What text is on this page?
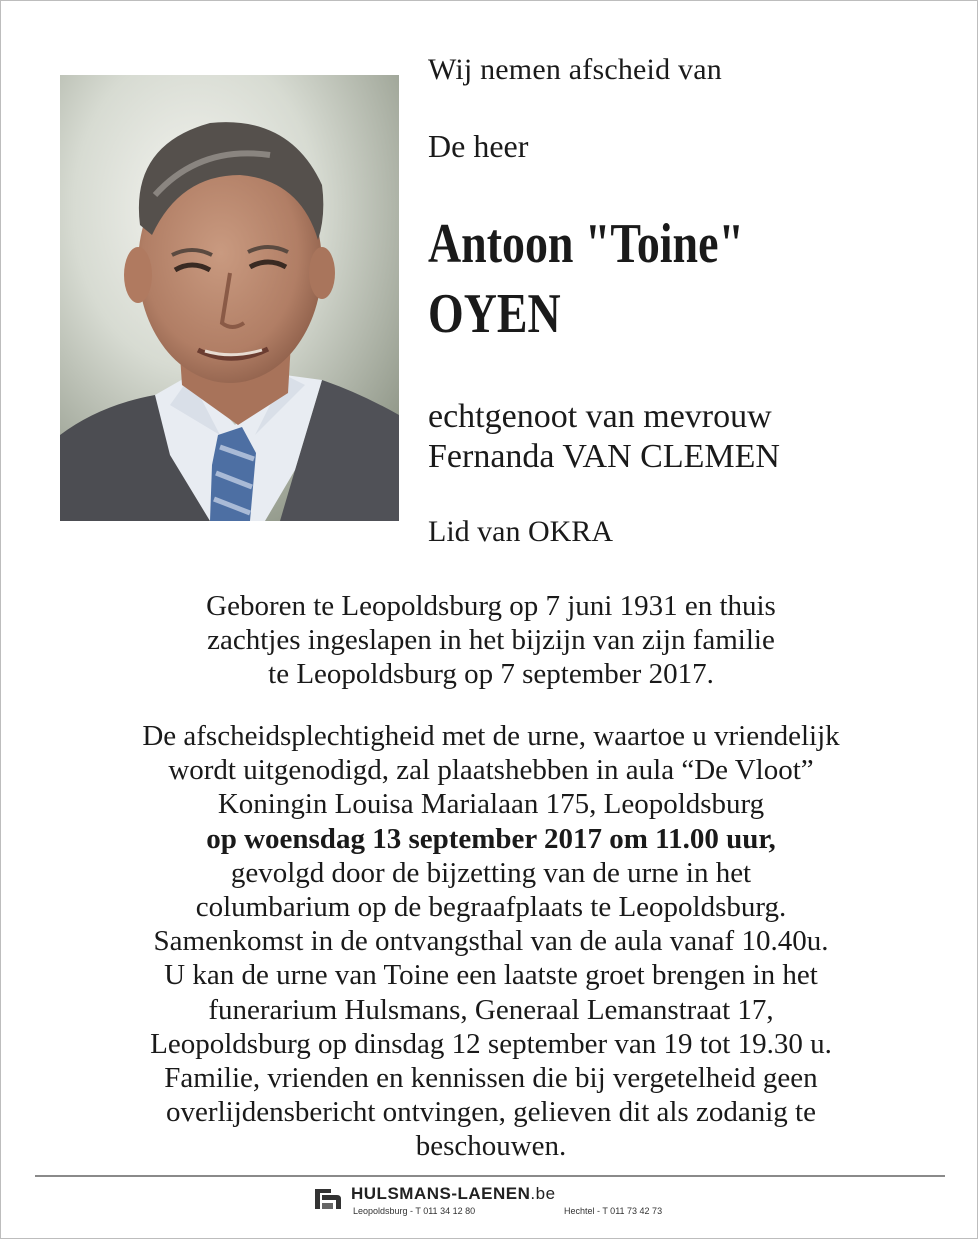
Wij nemen afscheid van
De heer
Antoon "Toine"
OYEN
echtgenoot van mevrouw
Fernanda VAN CLEMEN
Lid van OKRA
Geboren te Leopoldsburg op 7 juni 1931 en thuis
zachtjes ingeslapen in het bijzijn van zijn familie
te Leopoldsburg op 7 september 2017.
De afscheidsplechtigheid met de urne, waartoe u vriendelijk
wordt uitgenodigd, zal plaatshebben in aula “De Vloot”
Koningin Louisa Marialaan 175, Leopoldsburg
op woensdag 13 september 2017 om 11.00 uur,
gevolgd door de bijzetting van de urne in het
columbarium op de begraafplaats te Leopoldsburg.
Samenkomst in de ontvangsthal van de aula vanaf 10.40u.
U kan de urne van Toine een laatste groet brengen in het
funerarium Hulsmans, Generaal Lemanstraat 17,
Leopoldsburg op dinsdag 12 september van 19 tot 19.30 u.
Familie, vrienden en kennissen die bij vergetelheid geen
overlijdensbericht ontvingen, gelieven dit als zodanig te
beschouwen.
HULSMANS-LAENEN.be
Leopoldsburg - T 011 34 12 80	Hechtel - T 011 73 42 73
